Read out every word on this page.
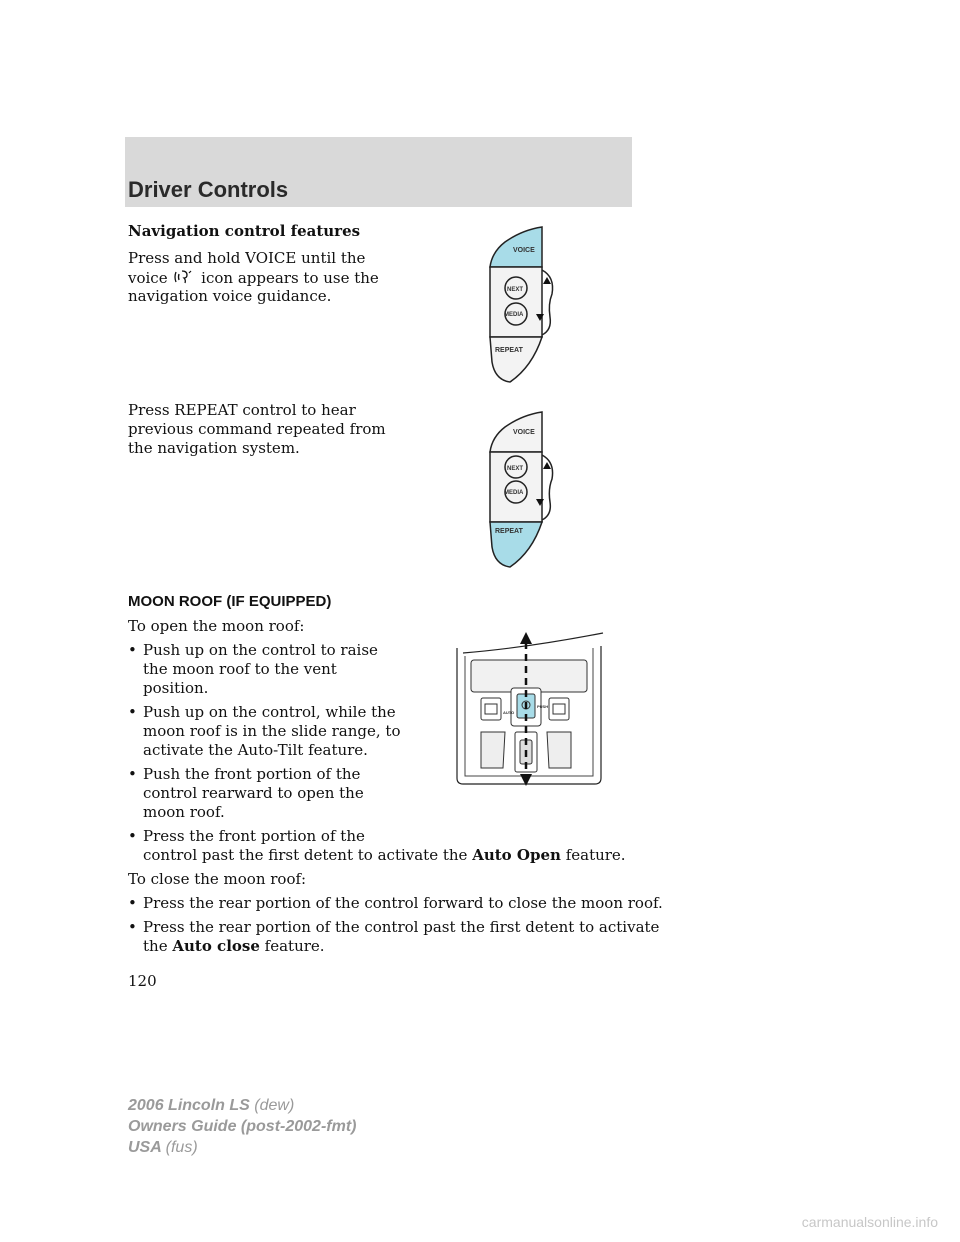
Driver Controls

Navigation control features

Press and hold VOICE until the

voice icon appears to use the

navigation voice guidance.

Press REPEAT control to hear

previous command repeated from

the navigation system.

VOICE
NEXT
MEDIA
REPEAT
VOICE
NEXT
MEDIA
REPEAT

MOON ROOF (IF EQUIPPED)

To open the moon roof:

• Push up on the control to raise

the moon roof to the vent

position.

• Push up on the control, while the

moon roof is in the slide range, to

activate the Auto-Tilt feature.

• Push the front portion of the

control rearward to open the

moon roof.

• Press the front portion of the

control past the first detent to activate the Auto Open feature.

To close the moon roof:

• Press the rear portion of the control forward to close the moon roof.

• Press the rear portion of the control past the first detent to activate

the Auto close feature.

AUTO
PUSH
120
2006 Lincoln LS (dew)
Owners Guide (post-2002-fmt)
USA (fus)
carmanualsonline.info
